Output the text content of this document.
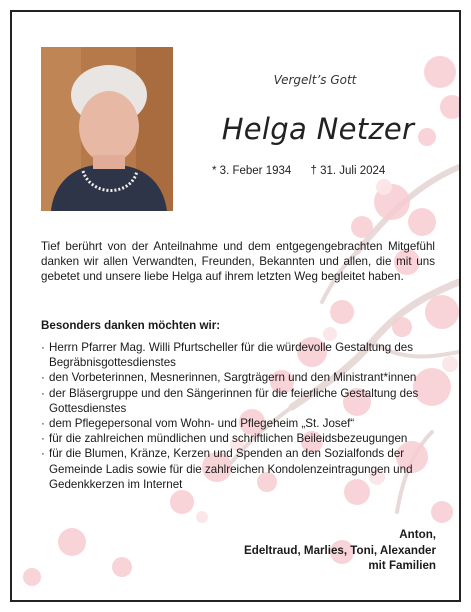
Vergelt’s Gott
Helga Netzer
* 3. Feber 1934 † 31. Juli 2024
Tief berührt von der Anteilnahme und dem entgegengebrachten Mitgefühl danken wir allen Verwandten, Freunden, Bekannten und allen, die mit uns gebetet und unsere liebe Helga auf ihrem letzten Weg begleitet haben.
Besonders danken möchten wir:
· Herrn Pfarrer Mag. Willi Pfurtscheller für die würdevolle Gestaltung des Begräbnisgottesdienstes
· den Vorbeterinnen, Mesnerinnen, Sargträgern und den Ministrant*innen
· der Bläsergruppe und den Sängerinnen für die feierliche Gestaltung des Gottesdienstes
· dem Pflegepersonal vom Wohn- und Pflegeheim „St. Josef“
· für die zahlreichen mündlichen und schriftlichen Beileidsbezeugungen
· für die Blumen, Kränze, Kerzen und Spenden an den Sozialfonds der Gemeinde Ladis sowie für die zahlreichen Kondolenzeintragungen und Gedenkkerzen im Internet
Anton,
Edeltraud, Marlies, Toni, Alexander
mit Familien
